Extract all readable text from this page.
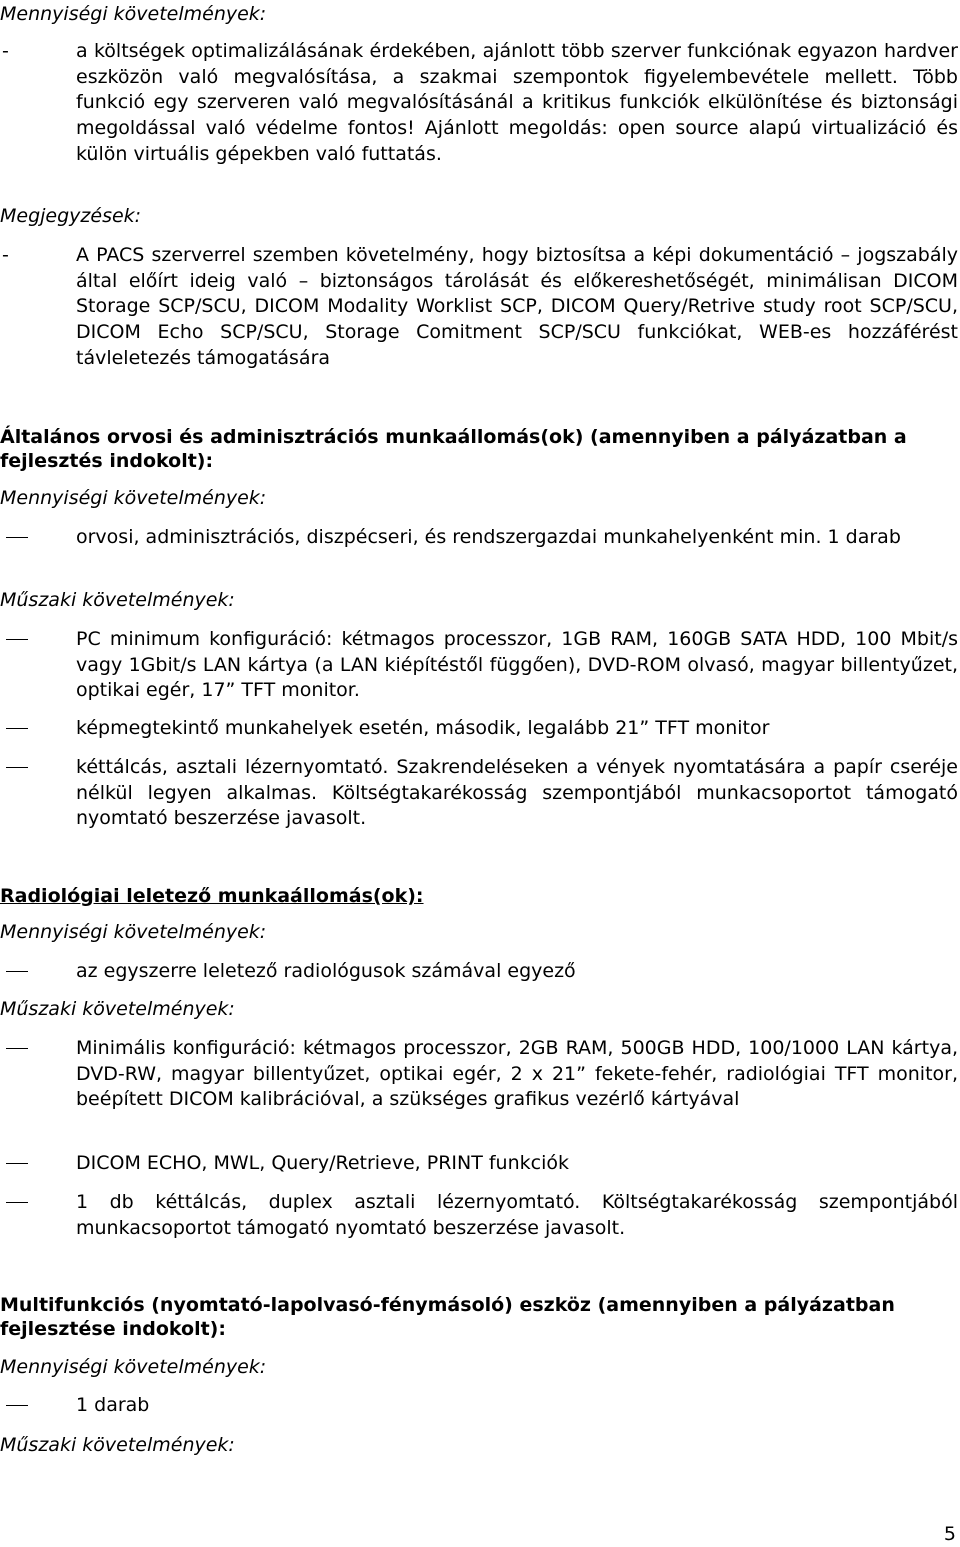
Mennyiségi követelmények:
-	a költségek optimalizálásának érdekében, ajánlott több szerver funkciónak egyazon hardver eszközön való megvalósítása, a szakmai szempontok figyelembevétele mellett. Több funkció egy szerveren való megvalósításánál a kritikus funkciók elkülönítése és biztonsági megoldással való védelme fontos! Ajánlott megoldás: open source alapú virtualizáció és külön virtuális gépekben való futtatás.
Megjegyzések:
-	A PACS szerverrel szemben követelmény, hogy biztosítsa a képi dokumentáció – jogszabály által előírt ideig való – biztonságos tárolását és előkereshetőségét, minimálisan DICOM Storage SCP/SCU, DICOM Modality Worklist SCP, DICOM Query/Retrive study root SCP/SCU, DICOM Echo SCP/SCU, Storage Comitment SCP/SCU funkciókat, WEB-es hozzáférést távleletezés támogatására
Általános orvosi és adminisztrációs munkaállomás(ok) (amennyiben a pályázatban a fejlesztés indokolt):
Mennyiségi követelmények:
orvosi, adminisztrációs, diszpécseri, és rendszergazdai munkahelyenként min. 1 darab
Műszaki követelmények:
PC minimum konfiguráció: kétmagos processzor, 1GB RAM, 160GB SATA HDD, 100 Mbit/s vagy 1Gbit/s LAN kártya (a LAN kiépítéstől függően), DVD-ROM olvasó, magyar billentyűzet, optikai egér, 17” TFT monitor.
képmegtekintő munkahelyek esetén, második, legalább 21” TFT monitor
kéttálcás, asztali lézernyomtató. Szakrendeléseken a vények nyomtatására a papír cseréje nélkül legyen alkalmas. Költségtakarékosság szempontjából munkacsoportot támogató nyomtató beszerzése javasolt.
Radiológiai leletező munkaállomás(ok):
Mennyiségi követelmények:
az egyszerre leletező radiológusok számával egyező
Műszaki követelmények:
Minimális konfiguráció: kétmagos processzor, 2GB RAM, 500GB HDD, 100/1000 LAN kártya, DVD-RW, magyar billentyűzet, optikai egér, 2 x 21” fekete-fehér, radiológiai TFT monitor, beépített DICOM kalibrációval, a szükséges grafikus vezérlő kártyával
DICOM ECHO, MWL, Query/Retrieve, PRINT funkciók
1 db kéttálcás, duplex asztali lézernyomtató. Költségtakarékosság szempontjából munkacsoportot támogató nyomtató beszerzése javasolt.
Multifunkciós (nyomtató-lapolvasó-fénymásoló) eszköz (amennyiben a pályázatban fejlesztése indokolt):
Mennyiségi követelmények:
1 darab
Műszaki követelmények:
5
